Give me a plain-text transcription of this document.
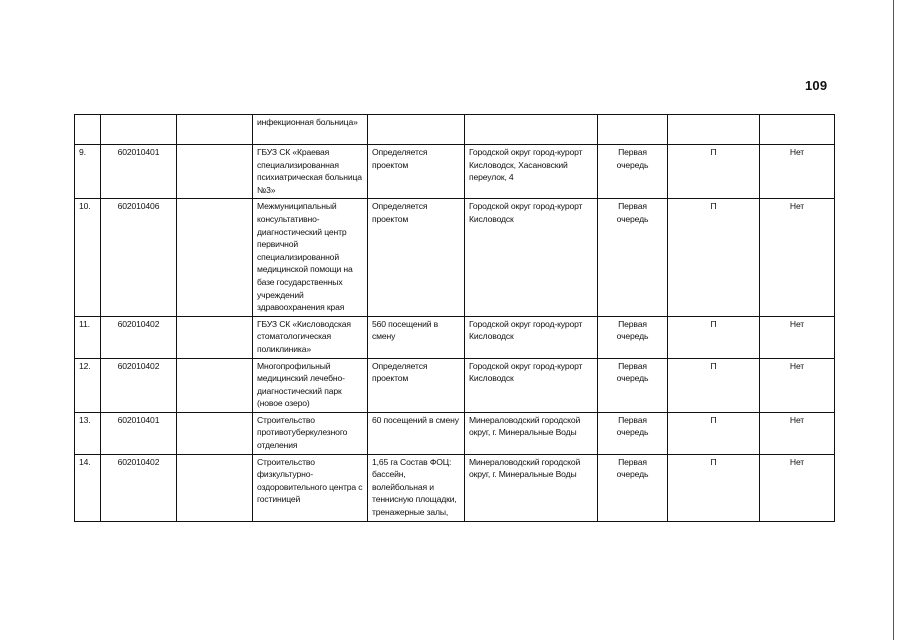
109
			инфекционная больница»					
9.	602010401		ГБУЗ СК «Краевая специализированная психиатрическая больница №3»	Определяется проектом	Городской округ город-курорт Кисловодск, Хасановский переулок, 4	Первая очередь	П	Нет
10.	602010406		Межмуниципальный консультативно-диагностический центр первичной специализированной медицинской помощи на базе государственных учреждений здравоохранения края	Определяется проектом	Городской округ город-курорт Кисловодск	Первая очередь	П	Нет
11.	602010402		ГБУЗ СК «Кисловодская стоматологическая поликлиника»	560 посещений в смену	Городской округ город-курорт Кисловодск	Первая очередь	П	Нет
12.	602010402		Многопрофильный медицинский лечебно-диагностический парк (новое озеро)	Определяется проектом	Городской округ город-курорт Кисловодск	Первая очередь	П	Нет
13.	602010401		Строительство противотуберкулезного отделения	60 посещений в смену	Минераловодский городской округ, г. Минеральные Воды	Первая очередь	П	Нет
14.	602010402		Строительство физкультурно-оздоровительного центра с гостиницей	1,65 га Состав ФОЦ: бассейн, волейбольная и теннисную площадки, тренажерные залы,	Минераловодский городской округ, г. Минеральные Воды	Первая очередь	П	Нет
